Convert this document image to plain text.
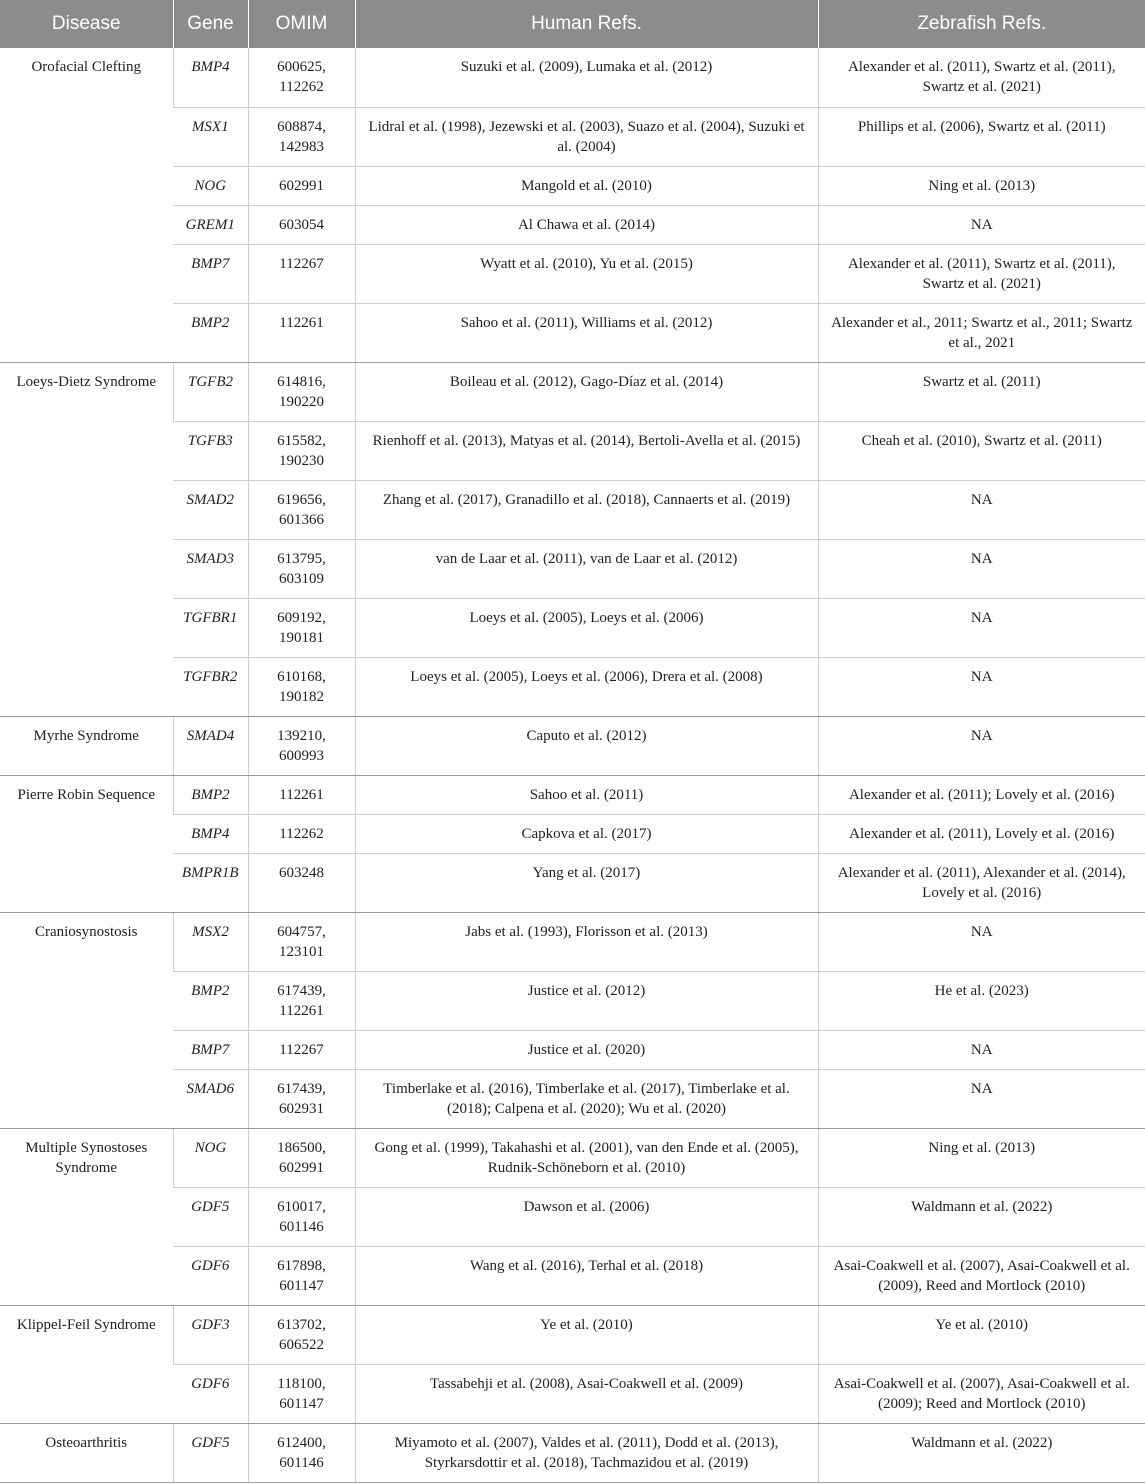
Disease	Gene	OMIM	Human Refs.	Zebrafish Refs.
Orofacial Clefting	BMP4	600625, 112262	Suzuki et al. (2009), Lumaka et al. (2012)	Alexander et al. (2011), Swartz et al. (2011), Swartz et al. (2021)
	MSX1	608874, 142983	Lidral et al. (1998), Jezewski et al. (2003), Suazo et al. (2004), Suzuki et al. (2004)	Phillips et al. (2006), Swartz et al. (2011)
	NOG	602991	Mangold et al. (2010)	Ning et al. (2013)
	GREM1	603054	Al Chawa et al. (2014)	NA
	BMP7	112267	Wyatt et al. (2010), Yu et al. (2015)	Alexander et al. (2011), Swartz et al. (2011), Swartz et al. (2021)
	BMP2	112261	Sahoo et al. (2011), Williams et al. (2012)	Alexander et al., 2011; Swartz et al., 2011; Swartz et al., 2021
Loeys-Dietz Syndrome	TGFB2	614816, 190220	Boileau et al. (2012), Gago-Díaz et al. (2014)	Swartz et al. (2011)
	TGFB3	615582, 190230	Rienhoff et al. (2013), Matyas et al. (2014), Bertoli-Avella et al. (2015)	Cheah et al. (2010), Swartz et al. (2011)
	SMAD2	619656, 601366	Zhang et al. (2017), Granadillo et al. (2018), Cannaerts et al. (2019)	NA
	SMAD3	613795, 603109	van de Laar et al. (2011), van de Laar et al. (2012)	NA
	TGFBR1	609192, 190181	Loeys et al. (2005), Loeys et al. (2006)	NA
	TGFBR2	610168, 190182	Loeys et al. (2005), Loeys et al. (2006), Drera et al. (2008)	NA
Myrhe Syndrome	SMAD4	139210, 600993	Caputo et al. (2012)	NA
Pierre Robin Sequence	BMP2	112261	Sahoo et al. (2011)	Alexander et al. (2011); Lovely et al. (2016)
	BMP4	112262	Capkova et al. (2017)	Alexander et al. (2011), Lovely et al. (2016)
	BMPR1B	603248	Yang et al. (2017)	Alexander et al. (2011), Alexander et al. (2014), Lovely et al. (2016)
Craniosynostosis	MSX2	604757, 123101	Jabs et al. (1993), Florisson et al. (2013)	NA
	BMP2	617439, 112261	Justice et al. (2012)	He et al. (2023)
	BMP7	112267	Justice et al. (2020)	NA
	SMAD6	617439, 602931	Timberlake et al. (2016), Timberlake et al. (2017), Timberlake et al. (2018); Calpena et al. (2020); Wu et al. (2020)	NA
Multiple Synostoses Syndrome	NOG	186500, 602991	Gong et al. (1999), Takahashi et al. (2001), van den Ende et al. (2005), Rudnik-Schöneborn et al. (2010)	Ning et al. (2013)
	GDF5	610017, 601146	Dawson et al. (2006)	Waldmann et al. (2022)
	GDF6	617898, 601147	Wang et al. (2016), Terhal et al. (2018)	Asai-Coakwell et al. (2007), Asai-Coakwell et al. (2009), Reed and Mortlock (2010)
Klippel-Feil Syndrome	GDF3	613702, 606522	Ye et al. (2010)	Ye et al. (2010)
	GDF6	118100, 601147	Tassabehji et al. (2008), Asai-Coakwell et al. (2009)	Asai-Coakwell et al. (2007), Asai-Coakwell et al. (2009); Reed and Mortlock (2010)
Osteoarthritis	GDF5	612400, 601146	Miyamoto et al. (2007), Valdes et al. (2011), Dodd et al. (2013), Styrkarsdottir et al. (2018), Tachmazidou et al. (2019)	Waldmann et al. (2022)
